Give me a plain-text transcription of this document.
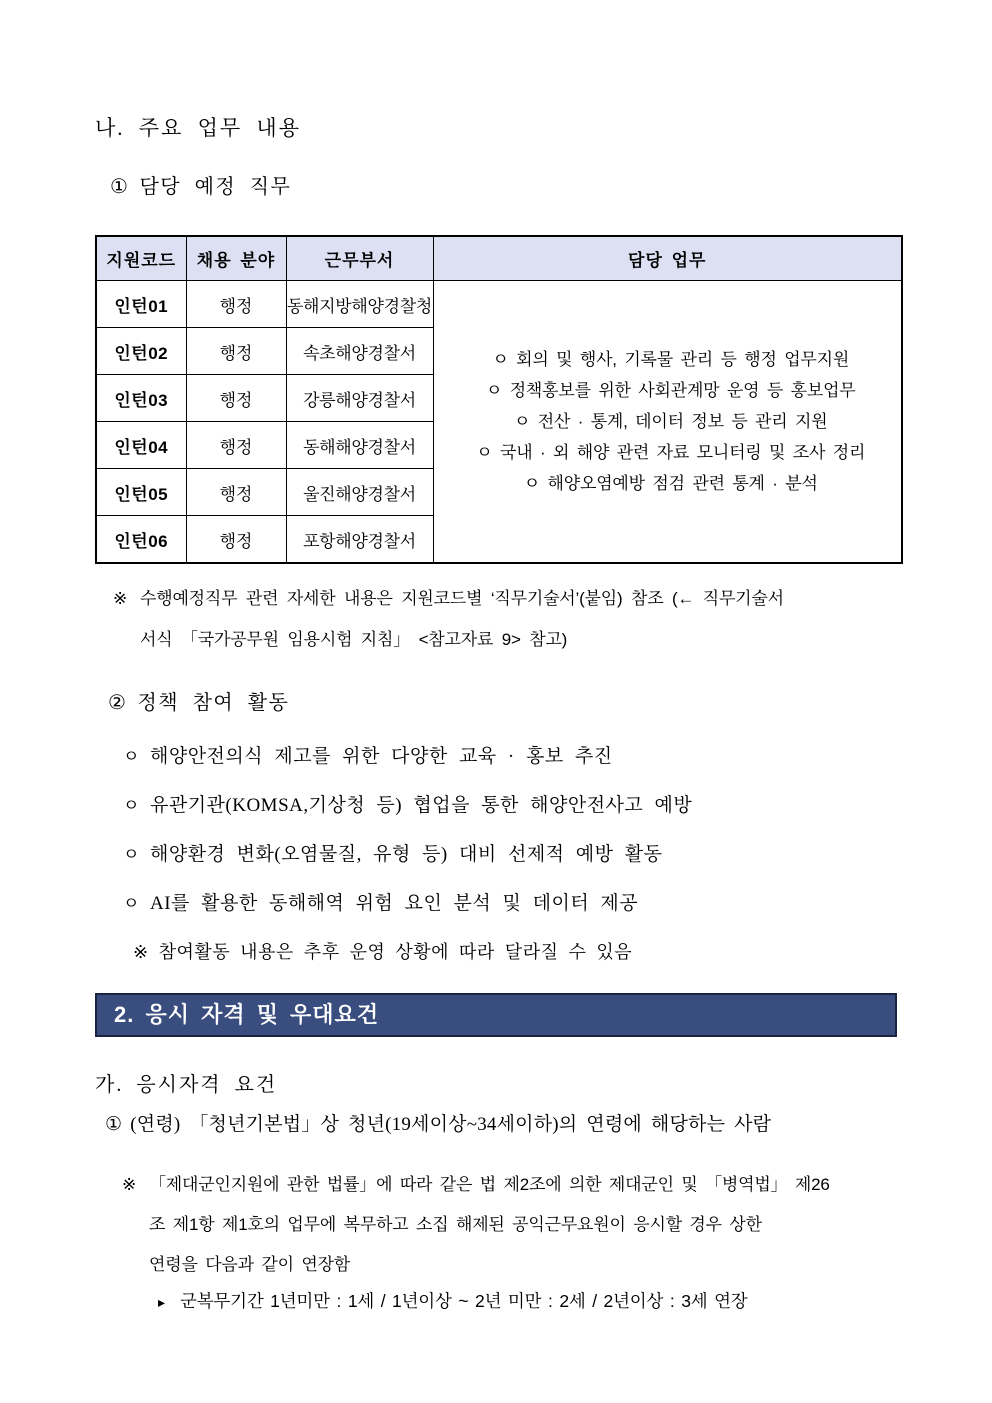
나. 주요 업무 내용
① 담당 예정 직무
지원코드	채용 분야	근무부서	담당 업무
인턴01	행정	동해지방해양경찰청	ㅇ 회의 및 행사, 기록물 관리 등 행정 업무지원
ㅇ 정책홍보를 위한 사회관계망 운영 등 홍보업무
ㅇ 전산 · 통계, 데이터 정보 등 관리 지원
ㅇ 국내 · 외 해양 관련 자료 모니터링 및 조사 정리
ㅇ 해양오염예방 점검 관련 통계 · 분석

인턴02	행정	속초해양경찰서	
인턴03	행정	강릉해양경찰서	
인턴04	행정	동해해양경찰서	
인턴05	행정	울진해양경찰서	
인턴06	행정	포항해양경찰서	
※ 수행예정직무 관련 자세한 내용은 지원코드별 ‘직무기술서’(붙임) 참조 (← 직무기술서
서식 「국가공무원 임용시험 지침」 <참고자료 9> 참고)
② 정책 참여 활동
ㅇ 해양안전의식 제고를 위한 다양한 교육 · 홍보 추진
ㅇ 유관기관(KOMSA,기상청 등) 협업을 통한 해양안전사고 예방
ㅇ 해양환경 변화(오염물질, 유형 등) 대비 선제적 예방 활동
ㅇ AI를 활용한 동해해역 위험 요인 분석 및 데이터 제공
※ 참여활동 내용은 추후 운영 상황에 따라 달라질 수 있음
2. 응시 자격 및 우대요건
가. 응시자격 요건
① (연령) 「청년기본법」상 청년(19세이상~34세이하)의 연령에 해당하는 사람
※ 「제대군인지원에 관한 법률」에 따라 같은 법 제2조에 의한 제대군인 및 「병역법」 제26
조 제1항 제1호의 업무에 복무하고 소집 해제된 공익근무요원이 응시할 경우 상한
연령을 다음과 같이 연장함
▸ 군복무기간 1년미만 : 1세 / 1년이상 ~ 2년 미만 : 2세 / 2년이상 : 3세 연장
